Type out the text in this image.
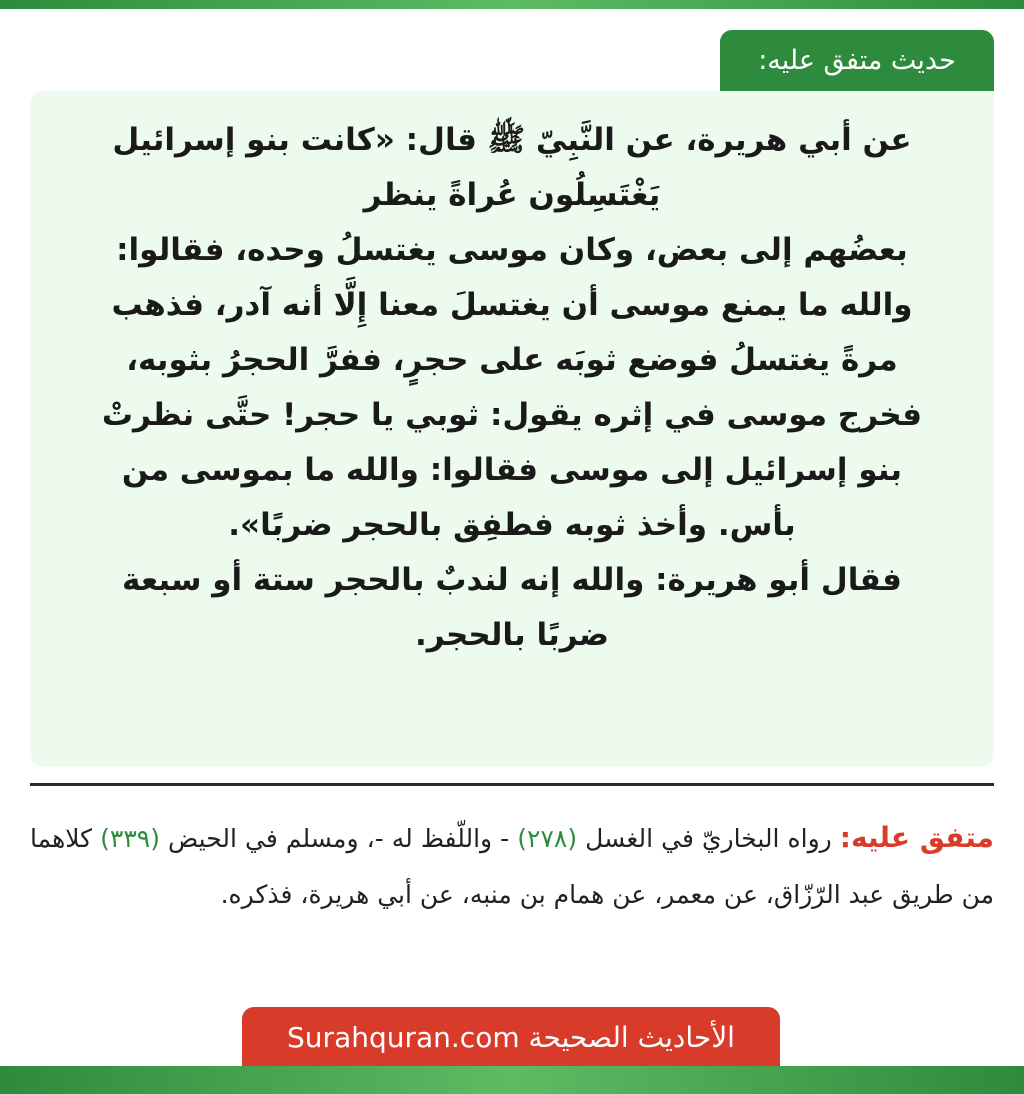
حديث متفق عليه:
عن أبي هريرة، عن النَّبِيّ ﷺ قال: «كانت بنو إسرائيل
يَغْتَسِلُون عُراةً ينظر
بعضُهم إلى بعض، وكان موسى يغتسلُ وحده، فقالوا:
والله ما يمنع موسى أن يغتسلَ معنا إِلَّا أنه آدر، فذهب
مرةً يغتسلُ فوضع ثوبَه على حجرٍ، ففرَّ الحجرُ بثوبه،
فخرج موسى في إثره يقول: ثوبي يا حجر! حتَّى نظرتْ
بنو إسرائيل إلى موسى فقالوا: والله ما بموسى من
بأس. وأخذ ثوبه فطفِق بالحجر ضربًا».
فقال أبو هريرة: والله إنه لندبٌ بالحجر ستة أو سبعة
ضربًا بالحجر.
متفق عليه: رواه البخاريّ في الغسل (٢٧٨) - واللّفظ له -، ومسلم في الحيض (٣٣٩) كلاهما من طريق عبد الرّزّاق، عن معمر، عن همام بن منبه، عن أبي هريرة، فذكره.
الأحاديث الصحيحة Surahquran.com
